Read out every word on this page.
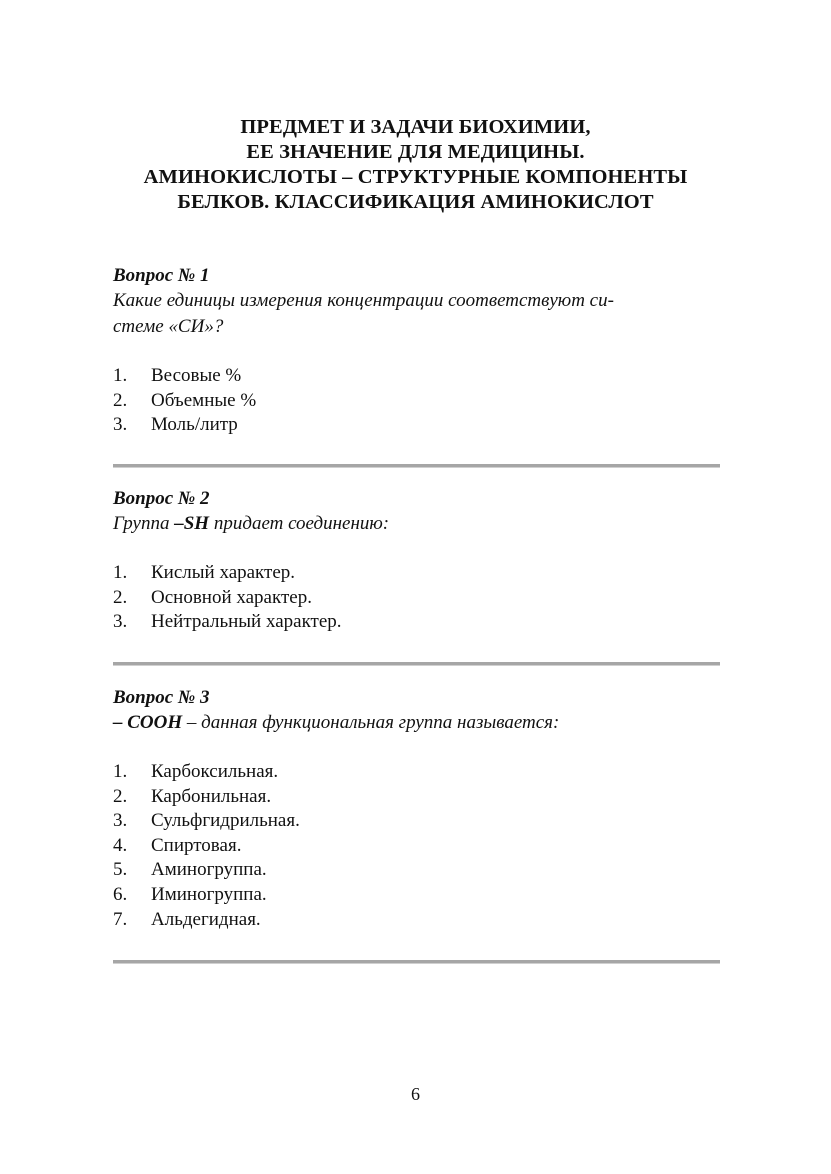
ПРЕДМЕТ И ЗАДАЧИ БИОХИМИИ,
ЕЕ ЗНАЧЕНИЕ ДЛЯ МЕДИЦИНЫ.
АМИНОКИСЛОТЫ – СТРУКТУРНЫЕ КОМПОНЕНТЫ
БЕЛКОВ. КЛАССИФИКАЦИЯ АМИНОКИСЛОТ

Вопрос № 1

Какие единицы измерения концентрации соответствуют си-
стеме «СИ»?

1.	Весовые %
2.	Объемные %
3.	Моль/литр

Вопрос № 2

Группа –SH придает соединению:

1.	Кислый характер.
2.	Основной характер.
3.	Нейтральный характер.

Вопрос № 3

– СООН – данная функциональная группа называется:

1.	Карбоксильная.
2.	Карбонильная.
3.	Сульфгидрильная.
4.	Спиртовая.
5.	Аминогруппа.
6.	Иминогруппа.
7.	Альдегидная.
6
